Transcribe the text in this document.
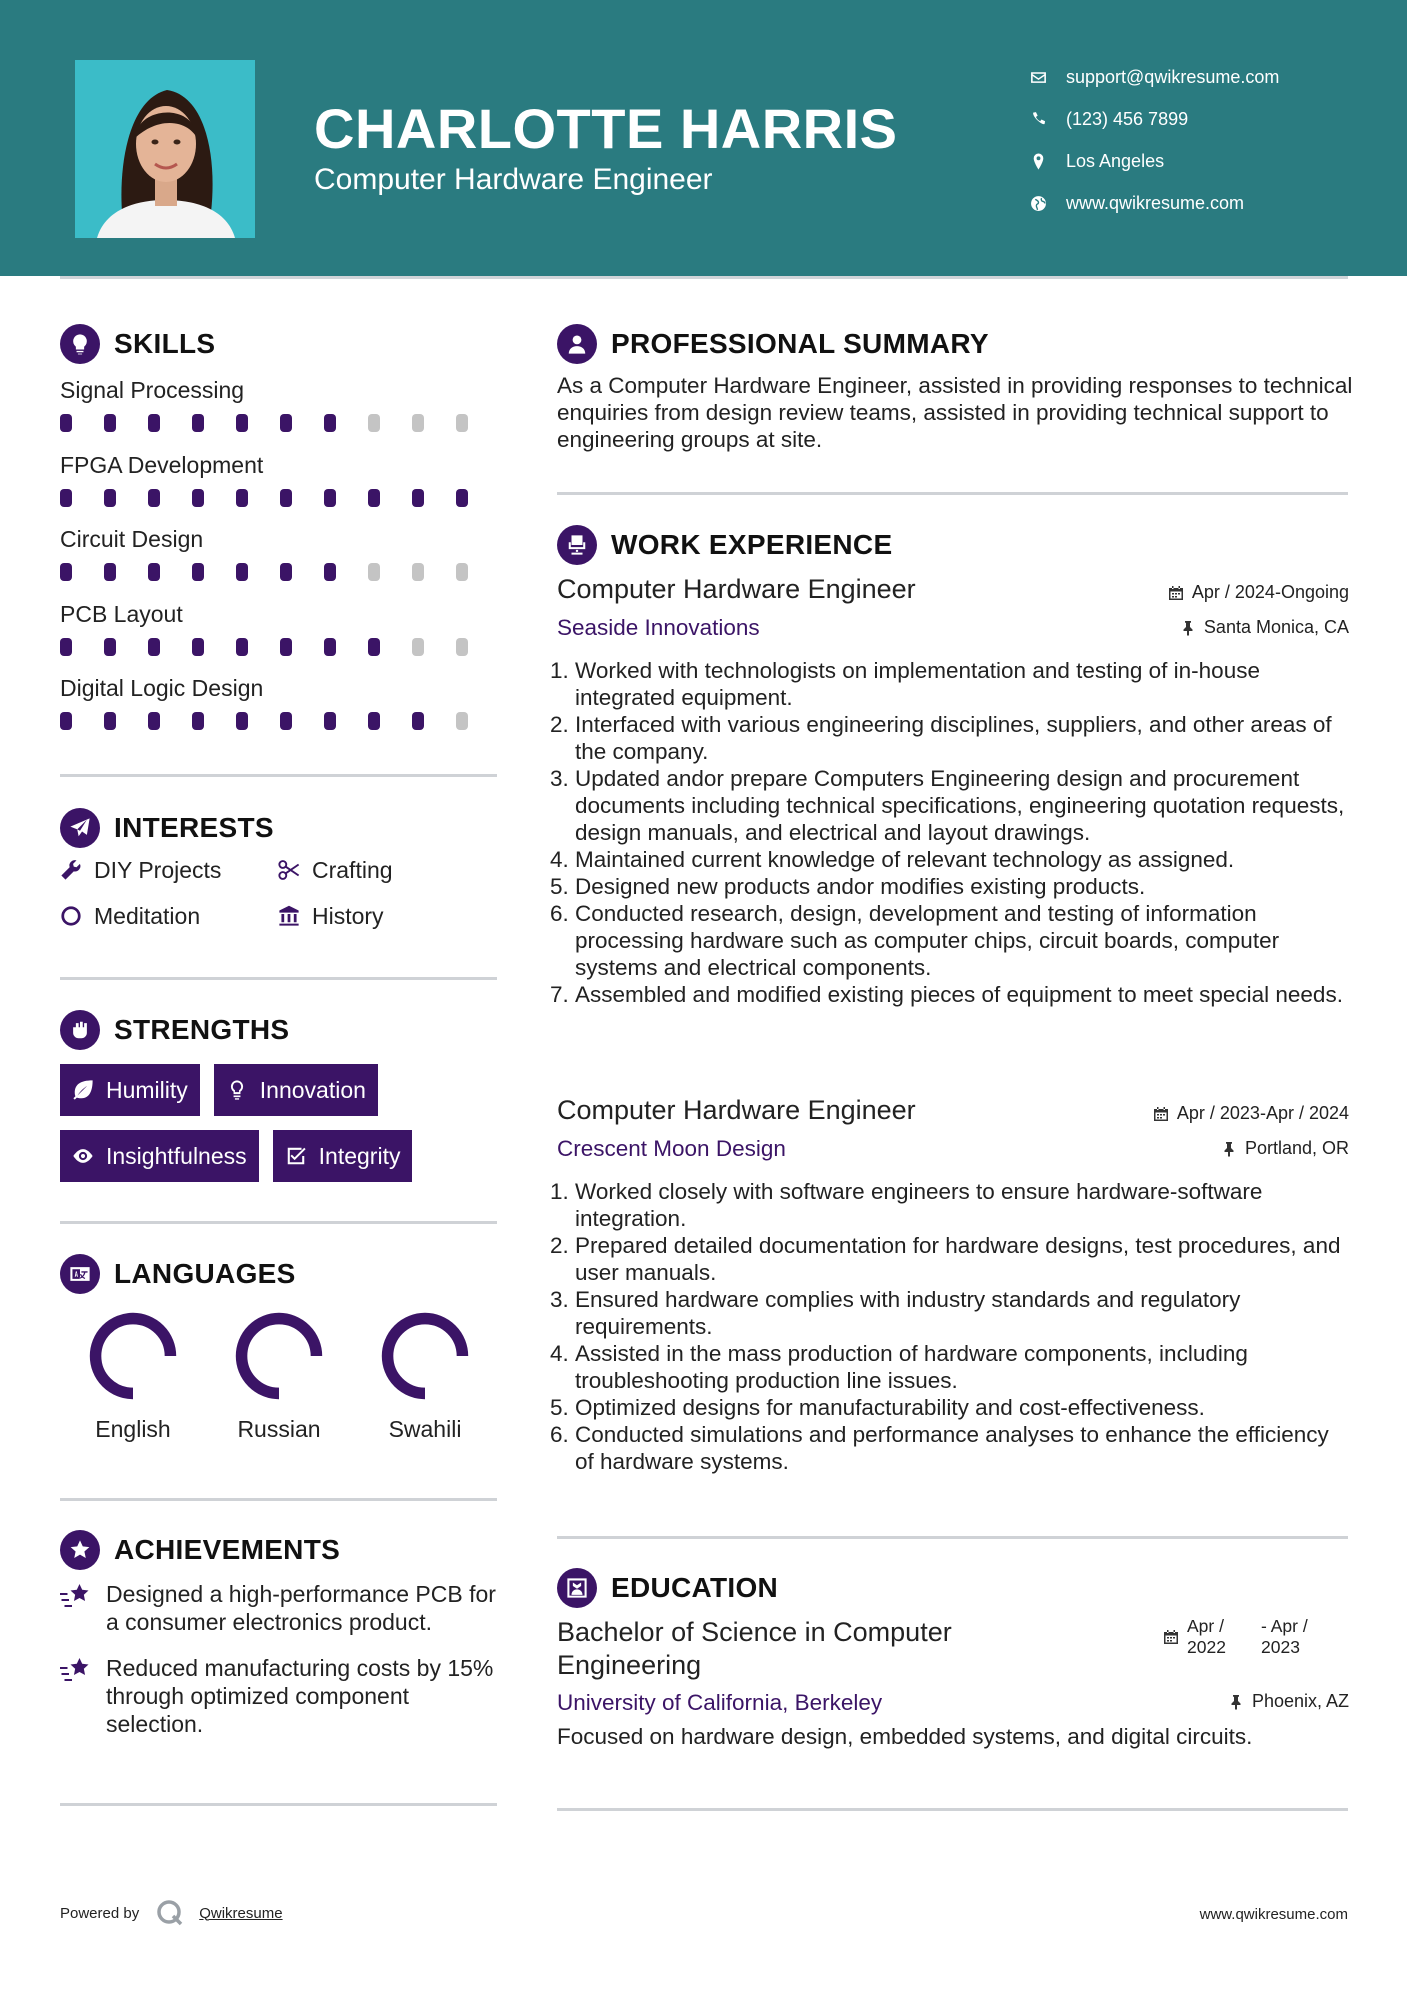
CHARLOTTE HARRIS
Computer Hardware Engineer
support@qwikresume.com
(123) 456 7899
Los Angeles
www.qwikresume.com
SKILLS
Signal Processing
FPGA Development
Circuit Design
PCB Layout
Digital Logic Design
INTERESTS
DIY Projects	Crafting
Meditation	History
STRENGTHS
Humility	Innovation
Insightfulness	Integrity
LANGUAGES
English	Russian	Swahili
ACHIEVEMENTS
Designed a high-performance PCB for a consumer electronics product.
Reduced manufacturing costs by 15% through optimized component selection.
PROFESSIONAL SUMMARY
As a Computer Hardware Engineer, assisted in providing responses to technical enquiries from design review teams, assisted in providing technical support to engineering groups at site.
WORK EXPERIENCE
Computer Hardware Engineer
Seaside Innovations
Apr / 2024-Ongoing
Santa Monica, CA
1. Worked with technologists on implementation and testing of in-house integrated equipment.
2. Interfaced with various engineering disciplines, suppliers, and other areas of the company.
3. Updated andor prepare Computers Engineering design and procurement documents including technical specifications, engineering quotation requests, design manuals, and electrical and layout drawings.
4. Maintained current knowledge of relevant technology as assigned.
5. Designed new products andor modifies existing products.
6. Conducted research, design, development and testing of information processing hardware such as computer chips, circuit boards, computer systems and electrical components.
7. Assembled and modified existing pieces of equipment to meet special needs.
Computer Hardware Engineer
Crescent Moon Design
Apr / 2023-Apr / 2024
Portland, OR
1. Worked closely with software engineers to ensure hardware-software integration.
2. Prepared detailed documentation for hardware designs, test procedures, and user manuals.
3. Ensured hardware complies with industry standards and regulatory requirements.
4. Assisted in the mass production of hardware components, including troubleshooting production line issues.
5. Optimized designs for manufacturability and cost-effectiveness.
6. Conducted simulations and performance analyses to enhance the efficiency of hardware systems.
EDUCATION
Bachelor of Science in Computer Engineering
University of California, Berkeley
Focused on hardware design, embedded systems, and digital circuits.
Apr / 2022
- Apr / 2023
Phoenix, AZ
Powered by	Qwikresume	www.qwikresume.com
